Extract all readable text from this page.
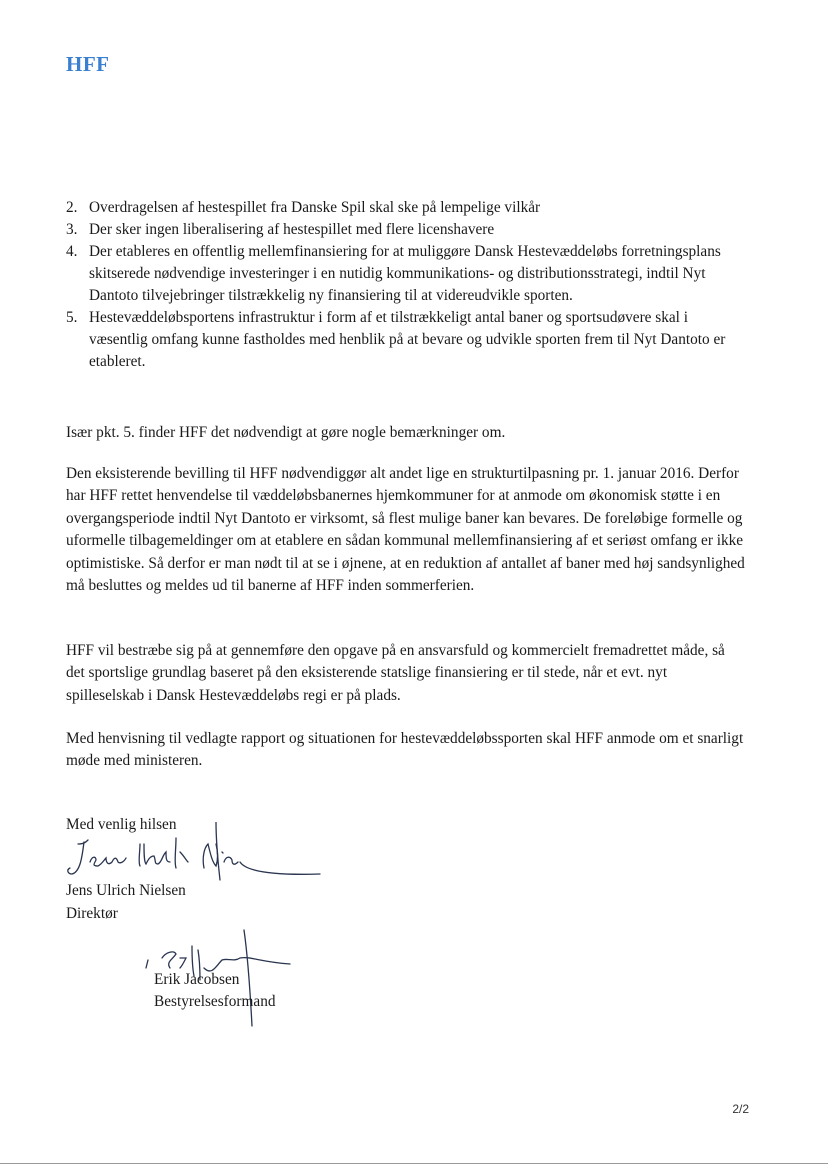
HFF
2. Overdragelsen af hestespillet fra Danske Spil skal ske på lempelige vilkår
3. Der sker ingen liberalisering af hestespillet med flere licenshavere
4. Der etableres en offentlig mellemfinansiering for at muliggøre Dansk Hestevæddeløbs forretningsplans skitserede nødvendige investeringer i en nutidig kommunikations- og distributionsstrategi, indtil Nyt Dantoto tilvejebringer tilstrækkelig ny finansiering til at videreudvikle sporten.
5. Hestevæddeløbsportens infrastruktur i form af et tilstrækkeligt antal baner og sportsudøvere skal i væsentlig omfang kunne fastholdes med henblik på at bevare og udvikle sporten frem til Nyt Dantoto er etableret.

Især pkt. 5. finder HFF det nødvendigt at gøre nogle bemærkninger om.

Den eksisterende bevilling til HFF nødvendiggør alt andet lige en strukturtilpasning pr. 1. januar 2016. Derfor har HFF rettet henvendelse til væddeløbsbanernes hjemkommuner for at anmode om økonomisk støtte i en overgangsperiode indtil Nyt Dantoto er virksomt, så flest mulige baner kan bevares. De foreløbige formelle og uformelle tilbagemeldinger om at etablere en sådan kommunal mellemfinansiering af et seriøst omfang er ikke optimistiske. Så derfor er man nødt til at se i øjnene, at en reduktion af antallet af baner med høj sandsynlighed må besluttes og meldes ud til banerne af HFF inden sommerferien.

HFF vil bestræbe sig på at gennemføre den opgave på en ansvarsfuld og kommercielt fremadrettet måde, så det sportslige grundlag baseret på den eksisterende statslige finansiering er til stede, når et evt. nyt spilleselskab i Dansk Hestevæddeløbs regi er på plads.

Med henvisning til vedlagte rapport og situationen for hestevæddeløbssporten skal HFF anmode om et snarligt møde med ministeren.

Med venlig hilsen
Jens Ulrich Nielsen
Direktør
Erik Jacobsen
Bestyrelsesformand
2/2
